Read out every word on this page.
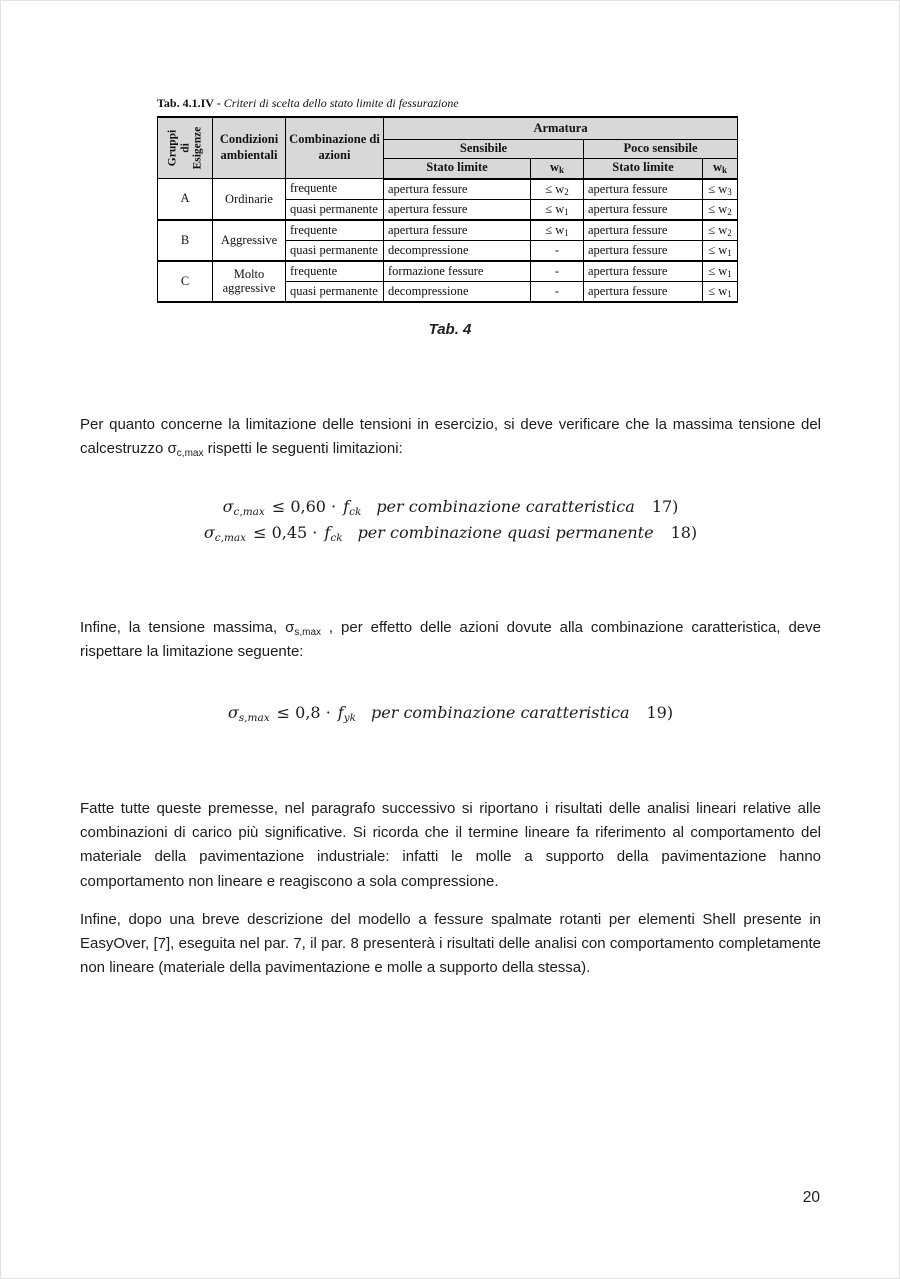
Tab. 4.1.IV - Criteri di scelta dello stato limite di fessurazione
Gruppi di Esigenze	Condizioni ambientali	Combinazione di azioni	Armatura			
			Sensibile		Poco sensibile	
			Stato limite	$w_k$	Stato limite	$w_k$
A	Ordinarie	frequente	apertura fessure	≤ $w_2$	apertura fessure	≤ $w_3$
		quasi permanente	apertura fessure	≤ $w_1$	apertura fessure	≤ $w_2$
B	Aggressive	frequente	apertura fessure	≤ $w_1$	apertura fessure	≤ $w_2$
		quasi permanente	decompressione	-	apertura fessure	≤ $w_1$
C	Molto aggressive	frequente	formazione fessure	-	apertura fessure	≤ $w_1$
		quasi permanente	decompressione	-	apertura fessure	≤ $w_1$
Tab. 4

Per quanto concerne la limitazione delle tensioni in esercizio, si deve verificare che la massima tensione del calcestruzzo $\sigma_{c,max}$ rispetti le seguenti limitazioni:

$\sigma_{c,max} \le 0,60 \cdot f_{ck}$ per combinazione caratteristica 17)
$\sigma_{c,max} \le 0,45 \cdot f_{ck}$ per combinazione quasi permanente 18)

Infine, la tensione massima, $\sigma_{s,max}$ , per effetto delle azioni dovute alla combinazione caratteristica, deve rispettare la limitazione seguente:

$\sigma_{s,max} \le 0,8 \cdot f_{yk}$ per combinazione caratteristica 19)

Fatte tutte queste premesse, nel paragrafo successivo si riportano i risultati delle analisi lineari relative alle combinazioni di carico più significative. Si ricorda che il termine lineare fa riferimento al comportamento del materiale della pavimentazione industriale: infatti le molle a supporto della pavimentazione hanno comportamento non lineare e reagiscono a sola compressione.

Infine, dopo una breve descrizione del modello a fessure spalmate rotanti per elementi Shell presente in EasyOver, [7], eseguita nel par. 7, il par. 8 presenterà i risultati delle analisi con comportamento completamente non lineare (materiale della pavimentazione e molle a supporto della stessa).

20
